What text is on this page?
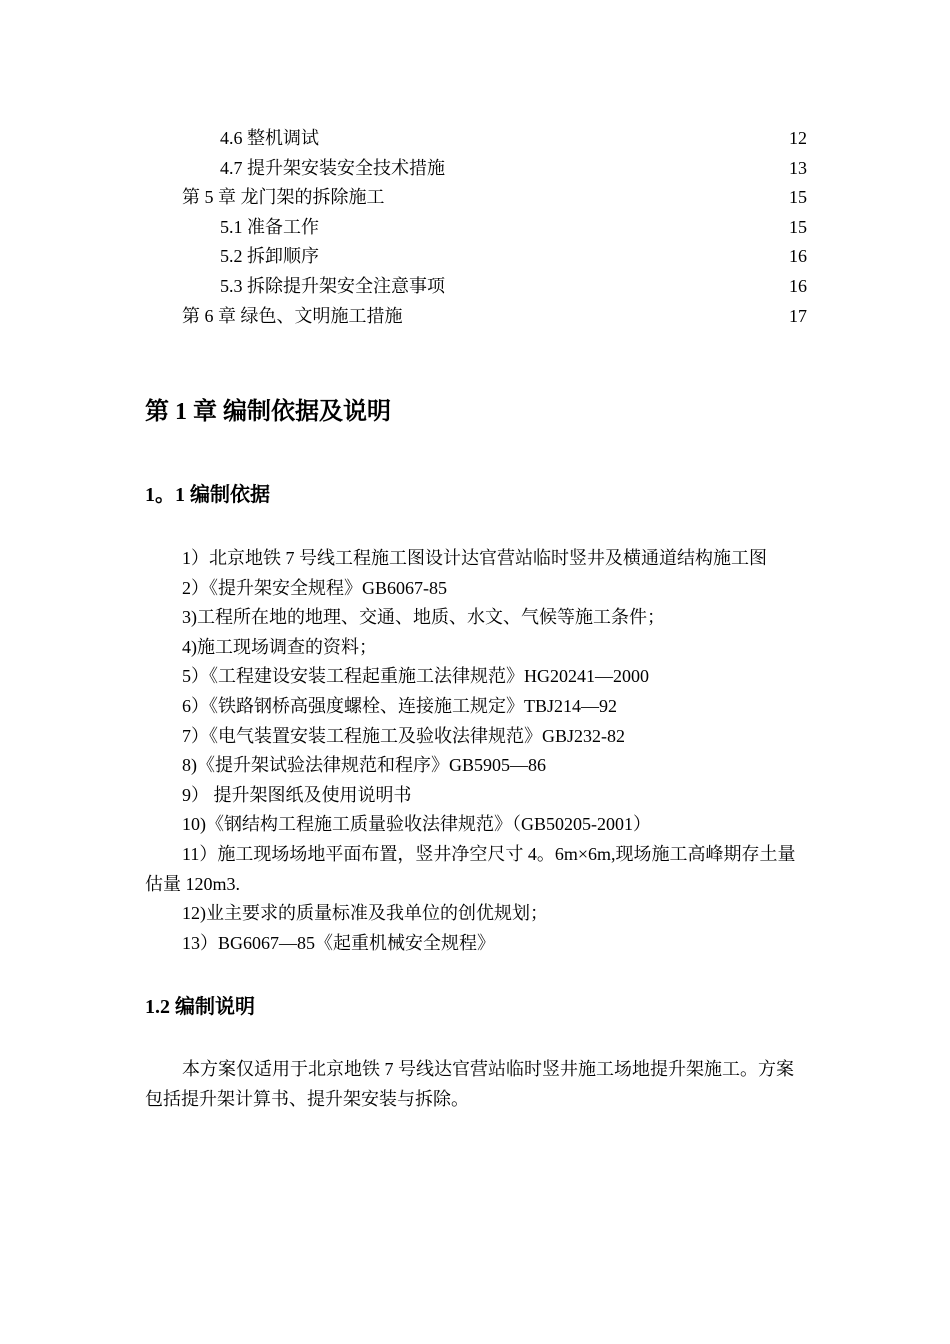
4.6 整机调试	12
4.7 提升架安装安全技术措施	13
第 5 章 龙门架的拆除施工	15
5.1 准备工作	15
5.2 拆卸顺序	16
5.3 拆除提升架安全注意事项	16
第 6 章 绿色、文明施工措施	17
第 1 章 编制依据及说明
1。1 编制依据
1）北京地铁 7 号线工程施工图设计达官营站临时竖井及横通道结构施工图
2）《提升架安全规程》GB6067-85
3)工程所在地的地理、交通、地质、水文、气候等施工条件；
4)施工现场调查的资料；
5）《工程建设安装工程起重施工法律规范》HG20241—2000
6）《铁路钢桥高强度螺栓、连接施工规定》TBJ214—92
7）《电气装置安装工程施工及验收法律规范》GBJ232-82
8)《提升架试验法律规范和程序》GB5905—86
9） 提升架图纸及使用说明书
10)《钢结构工程施工质量验收法律规范》（GB50205-2001）
11）施工现场场地平面布置，竖井净空尺寸 4。6m×6m,现场施工高峰期存土量估量 120m3.
12)业主要求的质量标准及我单位的创优规划；
13）BG6067—85《起重机械安全规程》
1.2 编制说明

本方案仅适用于北京地铁 7 号线达官营站临时竖井施工场地提升架施工。方案包括提升架计算书、提升架安装与拆除。
